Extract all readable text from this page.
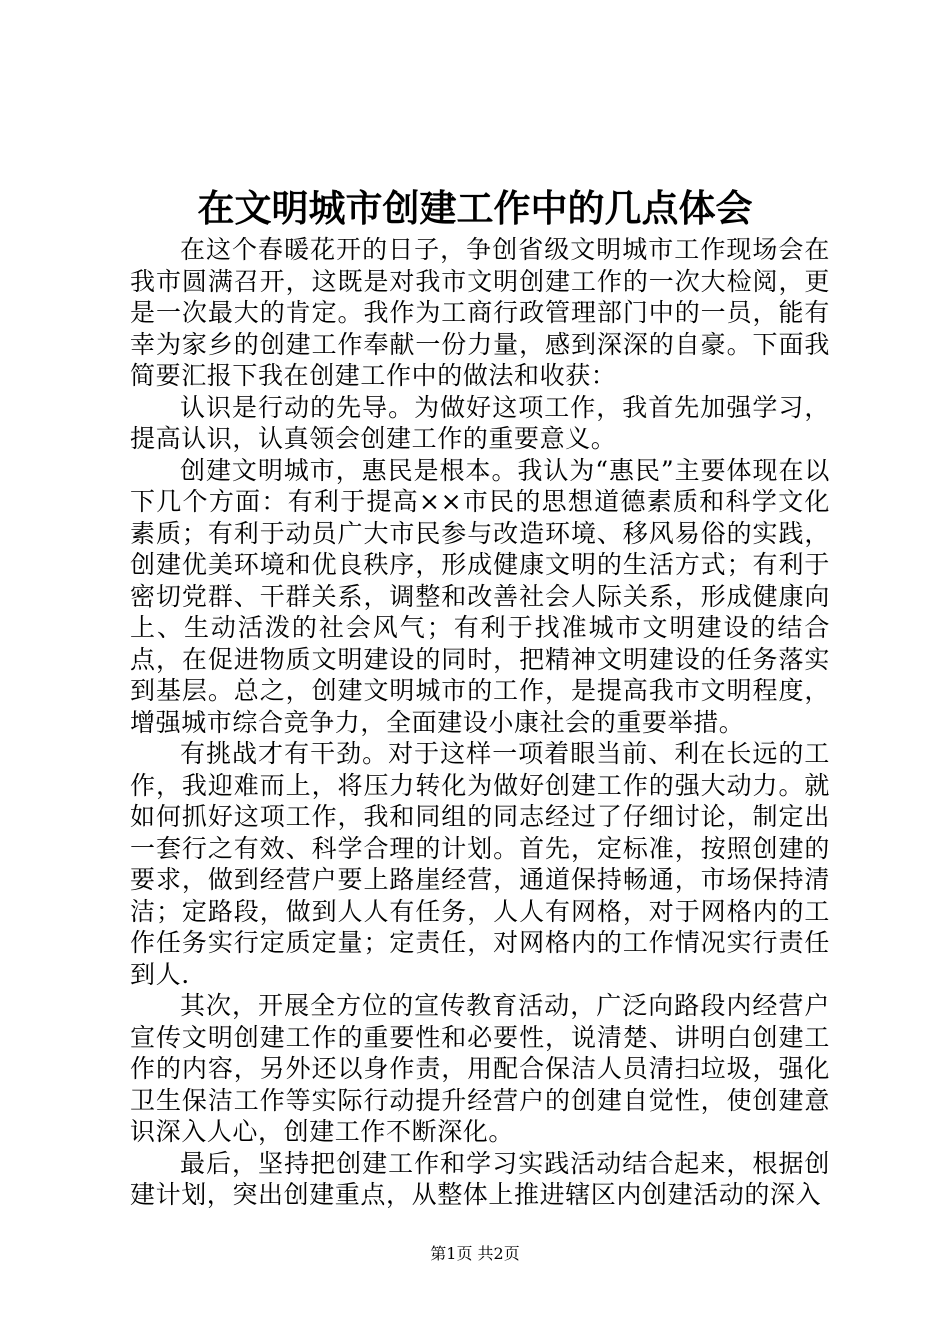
在文明城市创建工作中的几点体会

在这个春暖花开的日子，争创省级文明城市工作现场会在我市圆满召开，这既是对我市文明创建工作的一次大检阅，更是一次最大的肯定。我作为工商行政管理部门中的一员，能有幸为家乡的创建工作奉献一份力量，感到深深的自豪。下面我简要汇报下我在创建工作中的做法和收获：

认识是行动的先导。为做好这项工作，我首先加强学习，提高认识，认真领会创建工作的重要意义。

创建文明城市，惠民是根本。我认为“惠民”主要体现在以下几个方面：有利于提高××市民的思想道德素质和科学文化素质；有利于动员广大市民参与改造环境、移风易俗的实践，创建优美环境和优良秩序，形成健康文明的生活方式；有利于密切党群、干群关系，调整和改善社会人际关系，形成健康向上、生动活泼的社会风气；有利于找准城市文明建设的结合点，在促进物质文明建设的同时，把精神文明建设的任务落实到基层。总之，创建文明城市的工作，是提高我市文明程度，增强城市综合竞争力，全面建设小康社会的重要举措。

有挑战才有干劲。对于这样一项着眼当前、利在长远的工作，我迎难而上，将压力转化为做好创建工作的强大动力。就如何抓好这项工作，我和同组的同志经过了仔细讨论，制定出一套行之有效、科学合理的计划。首先，定标准，按照创建的要求，做到经营户要上路崖经营，通道保持畅通，市场保持清洁；定路段，做到人人有任务，人人有网格，对于网格内的工作任务实行定质定量；定责任，对网格内的工作情况实行责任到人.

其次，开展全方位的宣传教育活动，广泛向路段内经营户宣传文明创建工作的重要性和必要性，说清楚、讲明白创建工作的内容，另外还以身作责，用配合保洁人员清扫垃圾，强化卫生保洁工作等实际行动提升经营户的创建自觉性，使创建意识深入人心，创建工作不断深化。

最后，坚持把创建工作和学习实践活动结合起来，根据创建计划，突出创建重点，从整体上推进辖区内创建活动的深入

第1页 共2页
